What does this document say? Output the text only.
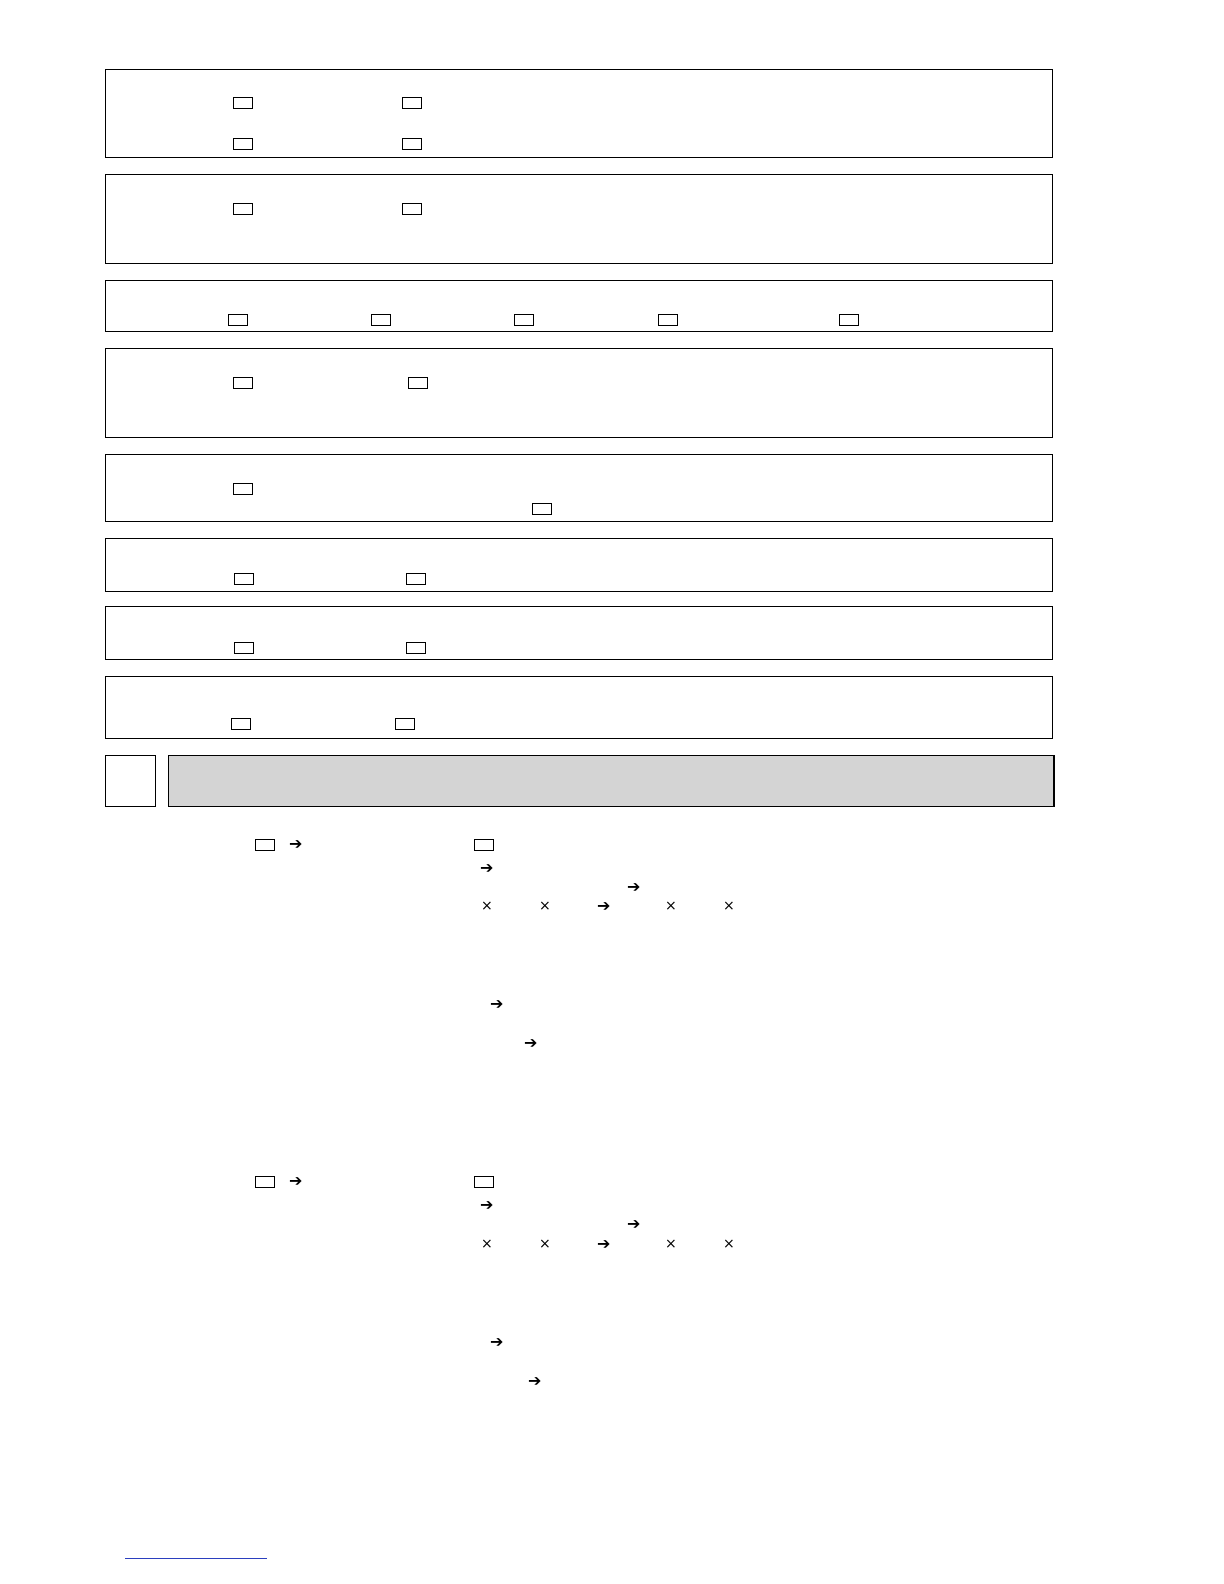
➔
➔
➔
×	×	➔	×	×
➔
➔
➔
➔
➔
×	×	➔	×	×
➔
➔
